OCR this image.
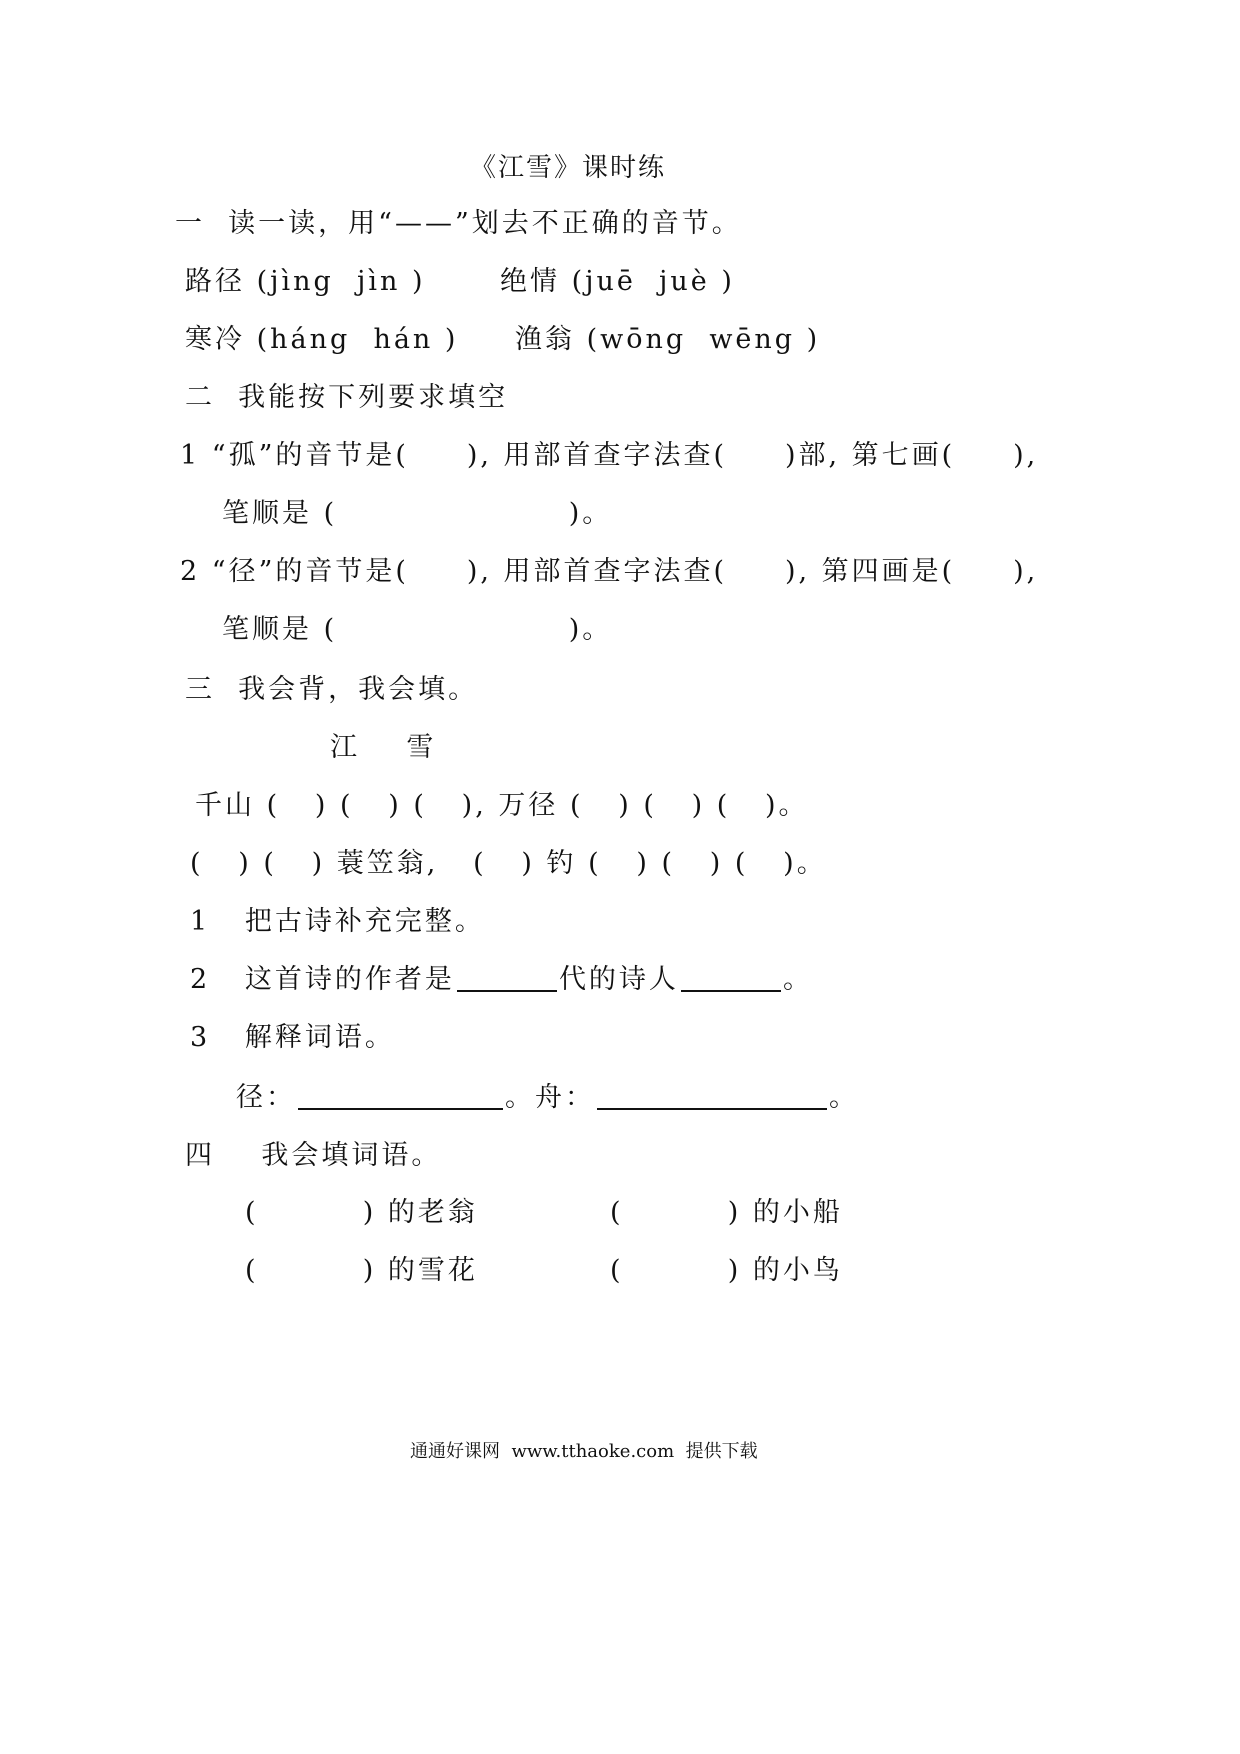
《江雪》课时练
一  读一读，用“——”划去不正确的音节。
路径 (jìng  jìn )	绝情 (juē  juè )
寒冷 (háng  hán ) 渔翁 (wōng  wēng )
二  我能按下列要求填空
1 “孤”的音节是(     ), 用部首查字法查(     )部, 第七画(     ),
笔顺是 (                    )。
2 “径”的音节是(     ), 用部首查字法查(     ), 第四画是(     ),
笔顺是 (                    )。
三  我会背，我会填。
江    雪
千山 (   ) (   ) (   ), 万径 (   ) (   ) (   )。
(   ) (   ) 蓑笠翁,   (   ) 钓 (   ) (   ) (   )。
1   把古诗补充完整。
2   这首诗的作者是	代的诗人	。
3   解释词语。
径：	。舟：	。
四    我会填词语。
(         ) 的老翁	(         ) 的小船
(         ) 的雪花	(         ) 的小鸟
通通好课网  www.tthaoke.com  提供下载
